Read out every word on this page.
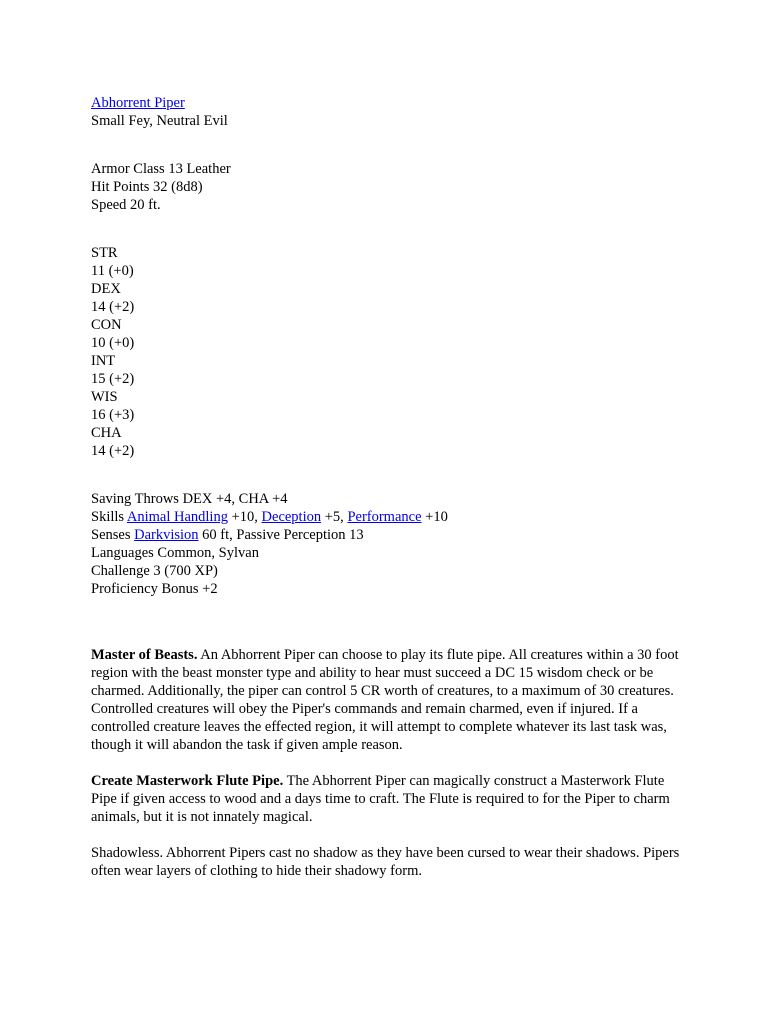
Abhorrent Piper
Small Fey, Neutral Evil
Armor Class 13 Leather
Hit Points 32 (8d8)
Speed 20 ft.
STR
11 (+0)
DEX
14 (+2)
CON
10 (+0)
INT
15 (+2)
WIS
16 (+3)
CHA
14 (+2)
Saving Throws DEX +4, CHA +4
Skills Animal Handling +10, Deception +5, Performance +10
Senses Darkvision 60 ft, Passive Perception 13
Languages Common, Sylvan
Challenge 3 (700 XP)
Proficiency Bonus +2

Master of Beasts. An Abhorrent Piper can choose to play its flute pipe. All creatures within a 30 foot region with the beast monster type and ability to hear must succeed a DC 15 wisdom check or be charmed. Additionally, the piper can control 5 CR worth of creatures, to a maximum of 30 creatures. Controlled creatures will obey the Piper's commands and remain charmed, even if injured. If a controlled creature leaves the effected region, it will attempt to complete whatever its last task was, though it will abandon the task if given ample reason.

Create Masterwork Flute Pipe. The Abhorrent Piper can magically construct a Masterwork Flute Pipe if given access to wood and a days time to craft. The Flute is required to for the Piper to charm animals, but it is not innately magical.

Shadowless. Abhorrent Pipers cast no shadow as they have been cursed to wear their shadows. Pipers often wear layers of clothing to hide their shadowy form.
